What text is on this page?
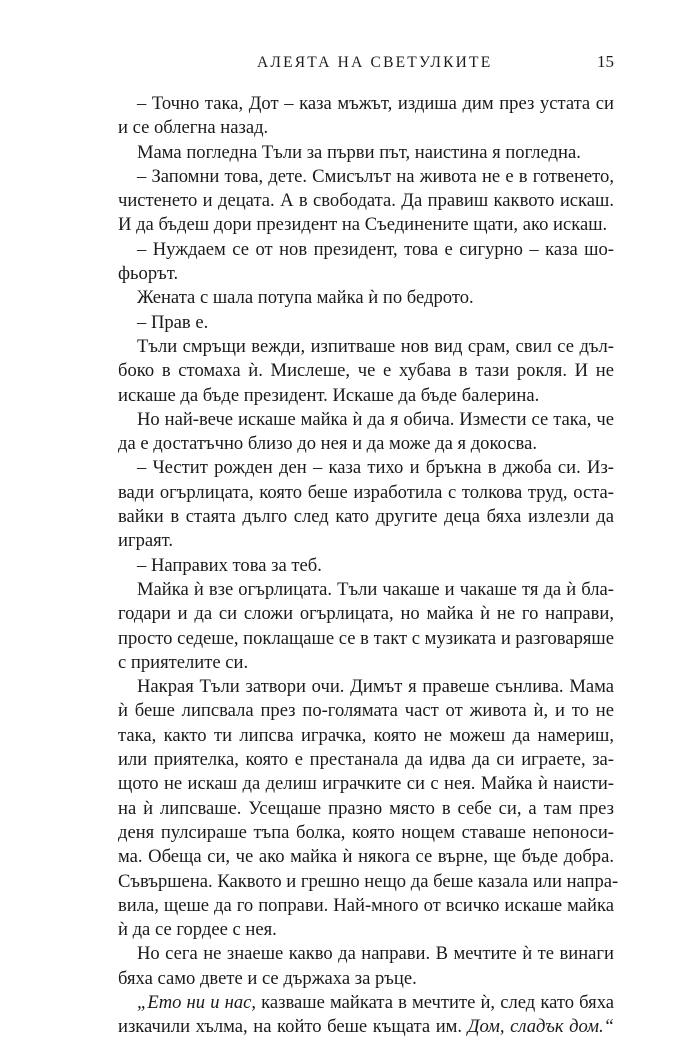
АЛЕЯТА НА СВЕТУЛКИТЕ	15
– Точно така, Дот – каза мъжът, издиша дим през устата си
и се облегна назад.
Мама погледна Тъли за първи път, наистина я погледна.
– Запомни това, дете. Смисълът на живота не е в готвенето,
чистенето и децата. А в свободата. Да правиш каквото искаш.
И да бъдеш дори президент на Съединените щати, ако искаш.
– Нуждаем се от нов президент, това е сигурно – каза шо-
фьорът.
Жената с шала потупа майка ѝ по бедрото.
– Прав е.
Тъли смръщи вежди, изпитваше нов вид срам, свил се дъл-
боко в стомаха ѝ. Мислеше, че е хубава в тази рокля. И не
искаше да бъде президент. Искаше да бъде балерина.
Но най-вече искаше майка ѝ да я обича. Измести се така, че
да е достатъчно близо до нея и да може да я докосва.
– Честит рожден ден – каза тихо и бръкна в джоба си. Из-
вади огърлицата, която беше изработила с толкова труд, оста-
вайки в стаята дълго след като другите деца бяха излезли да
играят.
– Направих това за теб.
Майка ѝ взе огърлицата. Тъли чакаше и чакаше тя да ѝ бла-
годари и да си сложи огърлицата, но майка ѝ не го направи,
просто седеше, поклащаше се в такт с музиката и разговаряше
с приятелите си.
Накрая Тъли затвори очи. Димът я правеше сънлива. Мама
ѝ беше липсвала през по-голямата част от живота ѝ, и то не
така, както ти липсва играчка, която не можеш да намериш,
или приятелка, която е престанала да идва да си играете, за-
щото не искаш да делиш играчките си с нея. Майка ѝ наисти-
на ѝ липсваше. Усещаше празно място в себе си, а там през
деня пулсираше тъпа болка, която нощем ставаше непоноси-
ма. Обеща си, че ако майка ѝ някога се върне, ще бъде добра.
Съвършена. Каквото и грешно нещо да беше казала или напра-
вила, щеше да го поправи. Най-много от всичко искаше майка
ѝ да се гордее с нея.
Но сега не знаеше какво да направи. В мечтите ѝ те винаги
бяха само двете и се държаха за ръце.
„Ето ни и нас, казваше майката в мечтите ѝ, след като бяха
изкачили хълма, на който беше къщата им. Дом, сладък дом.“
